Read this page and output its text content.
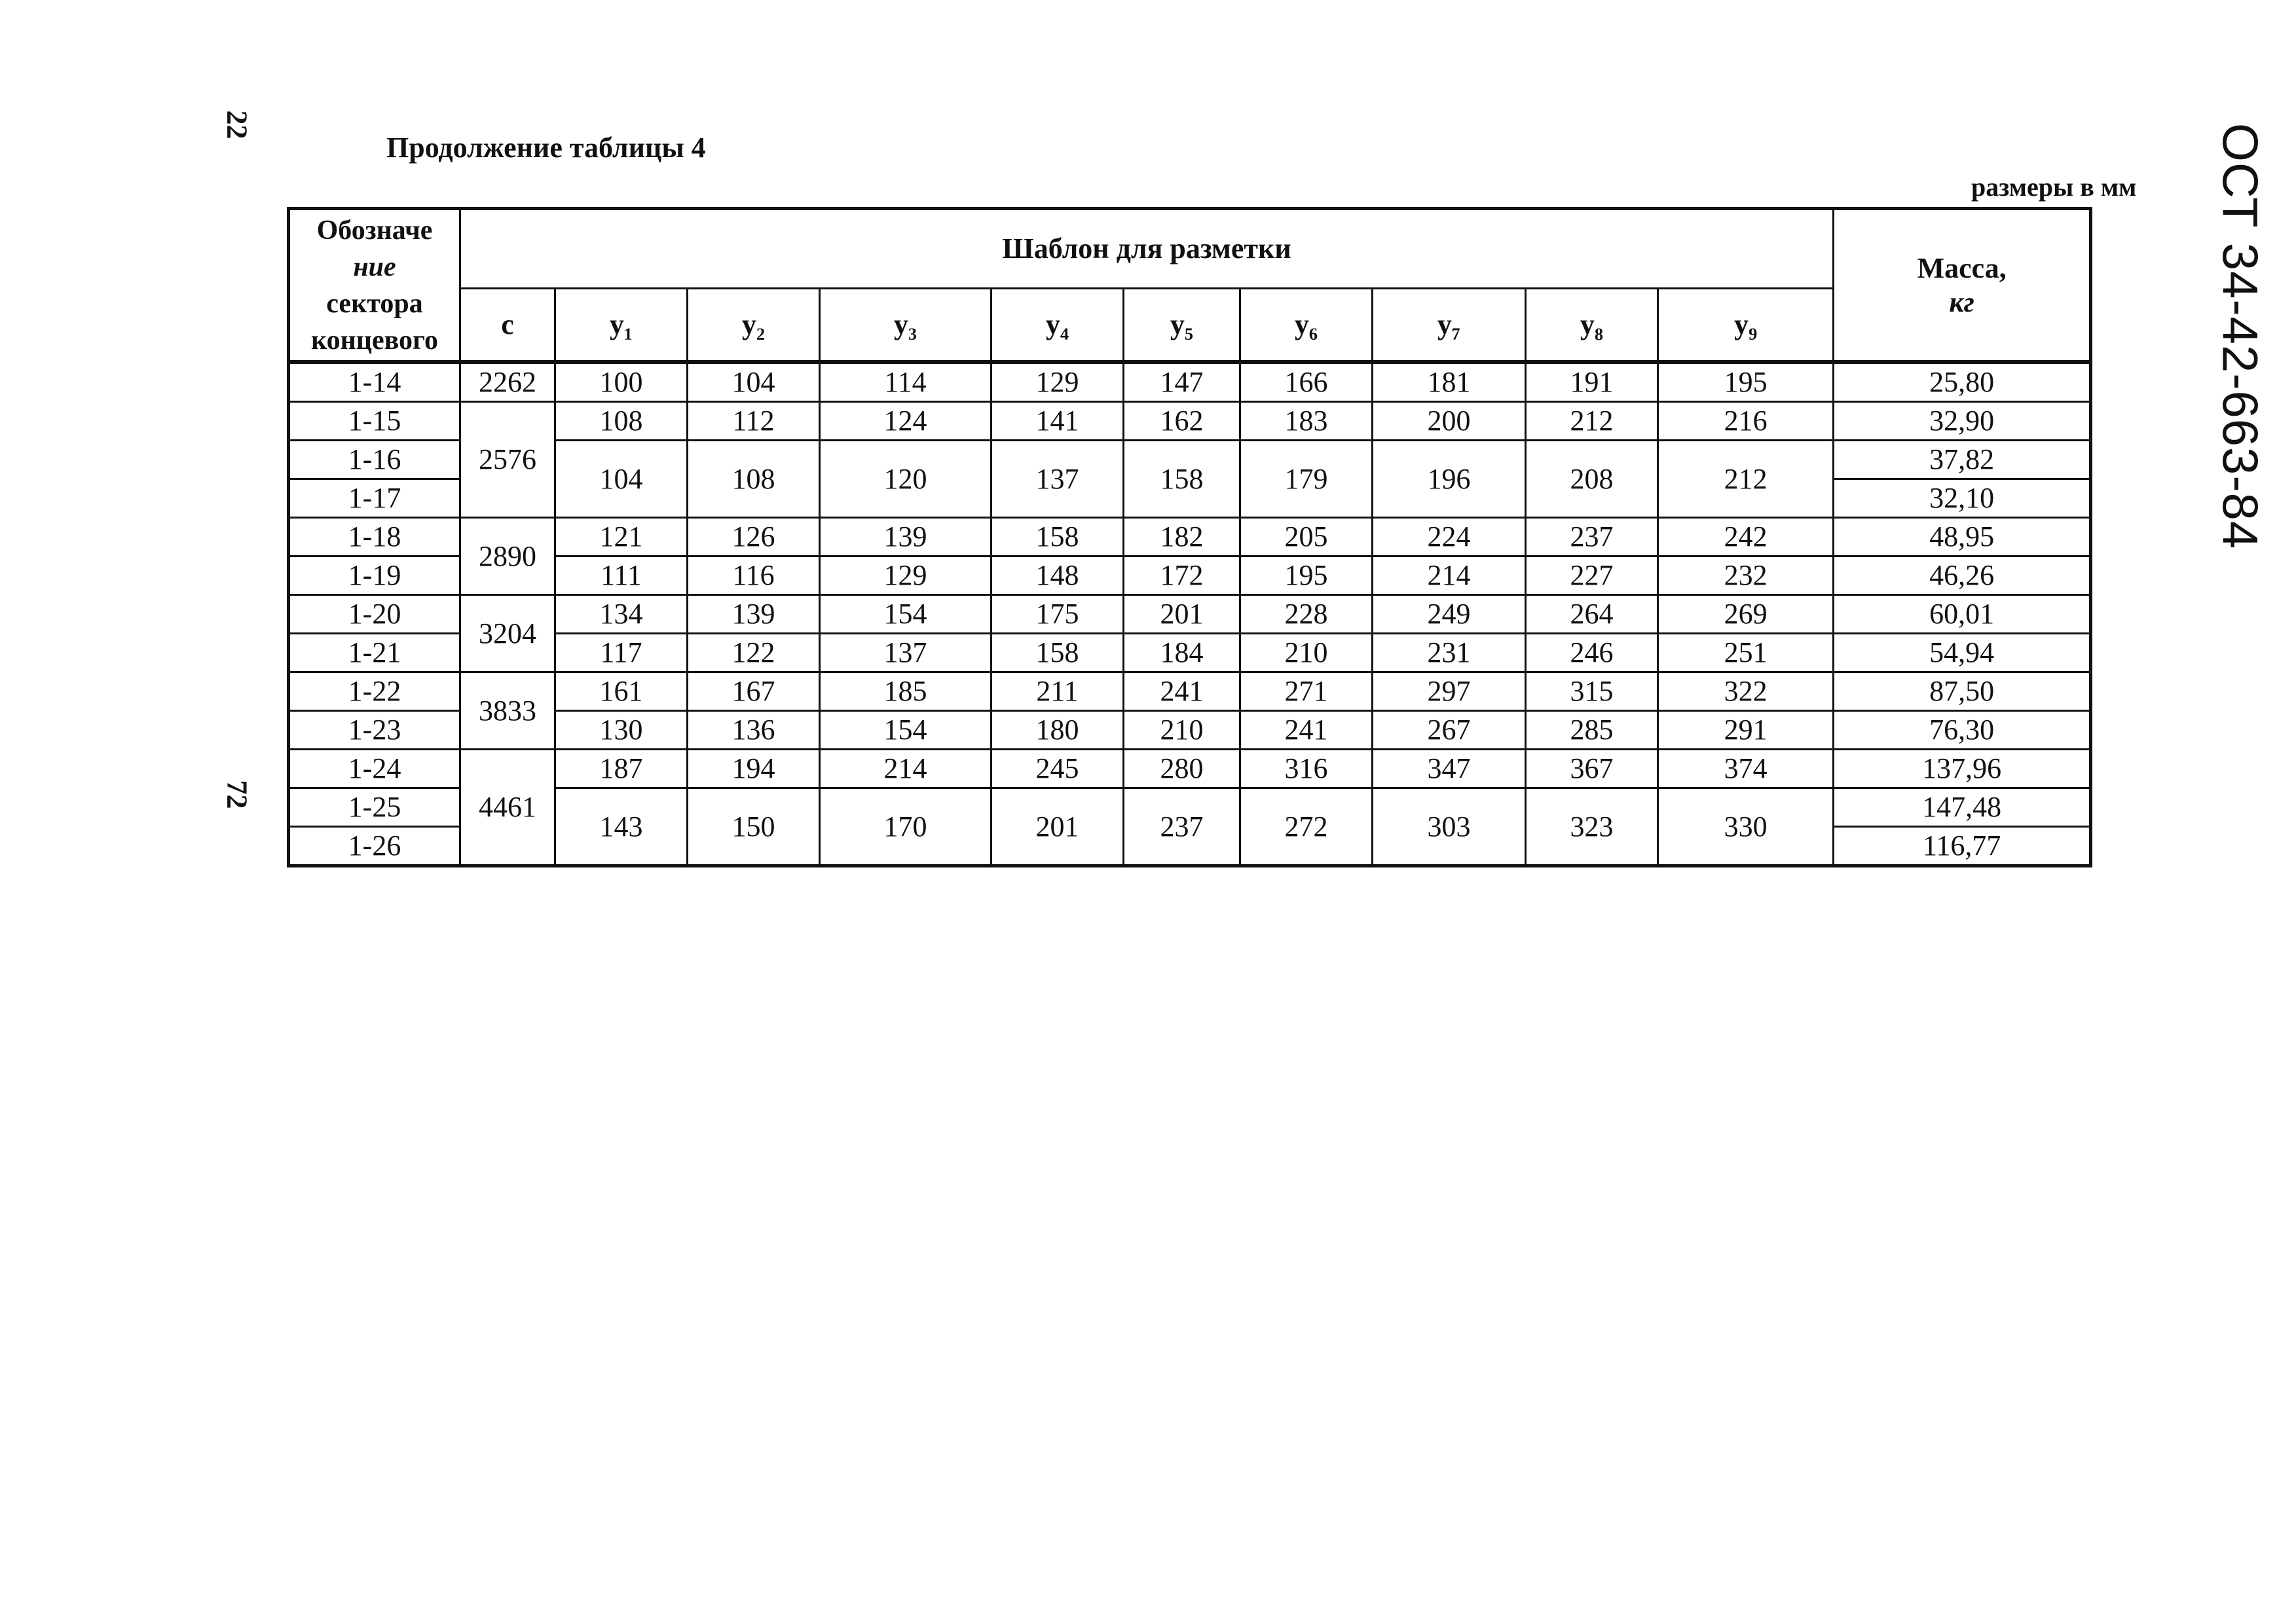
22
72
ОСТ 34-42-663-84
Продолжение таблицы 4
размеры в мм
Обозначе
ние
сектора
концевого	Шаблон для разметки										Масса,
кг
	c	y₁	y₂	y₃	y₄	y₅	y₆	y₇	y₈	y₉	
1-14	2262	100	104	114	129	147	166	181	191	195	25,80
1-15	2576	108	112	124	141	162	183	200	212	216	32,90
1-16		104	108	120	137	158	179	196	208	212	37,82
1-17											32,10
1-18	2890	121	126	139	158	182	205	224	237	242	48,95
1-19		111	116	129	148	172	195	214	227	232	46,26
1-20	3204	134	139	154	175	201	228	249	264	269	60,01
1-21		117	122	137	158	184	210	231	246	251	54,94
1-22	3833	161	167	185	211	241	271	297	315	322	87,50
1-23		130	136	154	180	210	241	267	285	291	76,30
1-24	4461	187	194	214	245	280	316	347	367	374	137,96
1-25		143	150	170	201	237	272	303	323	330	147,48
1-26											116,77
